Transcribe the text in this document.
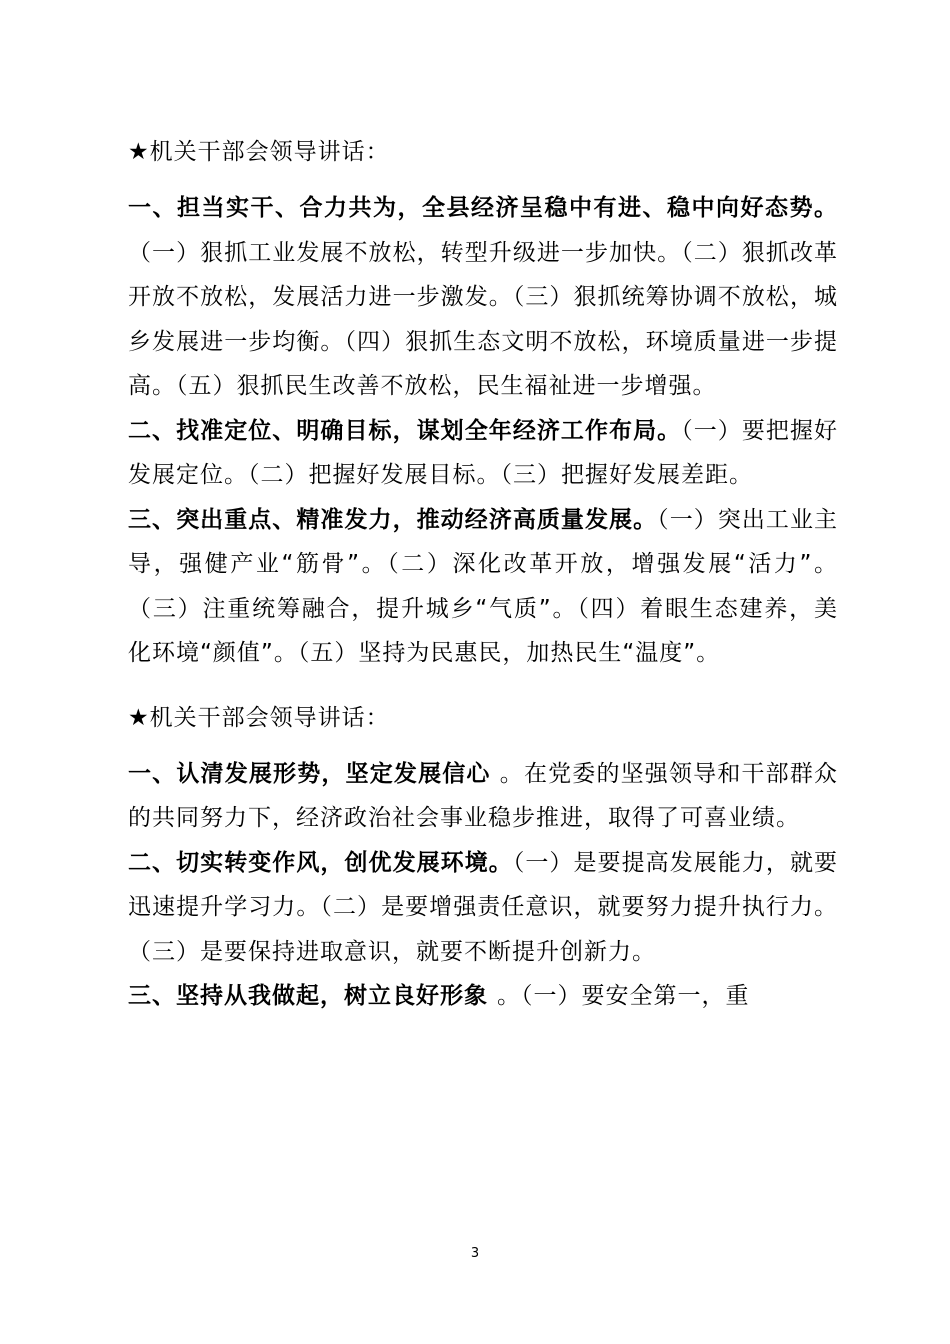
★机关干部会领导讲话：

一、担当实干、合力共为，全县经济呈稳中有进、稳中向好态势。（一）狠抓工业发展不放松，转型升级进一步加快。（二）狠抓改革开放不放松，发展活力进一步激发。（三）狠抓统筹协调不放松，城乡发展进一步均衡。（四）狠抓生态文明不放松，环境质量进一步提高。（五）狠抓民生改善不放松，民生福祉进一步增强。

二、找准定位、明确目标，谋划全年经济工作布局。（一）要把握好发展定位。（二）把握好发展目标。（三）把握好发展差距。

三、突出重点、精准发力，推动经济高质量发展。（一）突出工业主导，强健产业“筋骨”。（二）深化改革开放，增强发展“活力”。（三）注重统筹融合，提升城乡“气质”。（四）着眼生态建养，美化环境“颜值”。（五）坚持为民惠民，加热民生“温度”。

★机关干部会领导讲话：

一、认清发展形势，坚定发展信心 。在党委的坚强领导和干部群众的共同努力下，经济政治社会事业稳步推进，取得了可喜业绩。

二、切实转变作风，创优发展环境。（一）是要提高发展能力，就要迅速提升学习力。（二）是要增强责任意识，就要努力提升执行力。（三）是要保持进取意识，就要不断提升创新力。

三、坚持从我做起，树立良好形象 。（一）要安全第一，重

3
